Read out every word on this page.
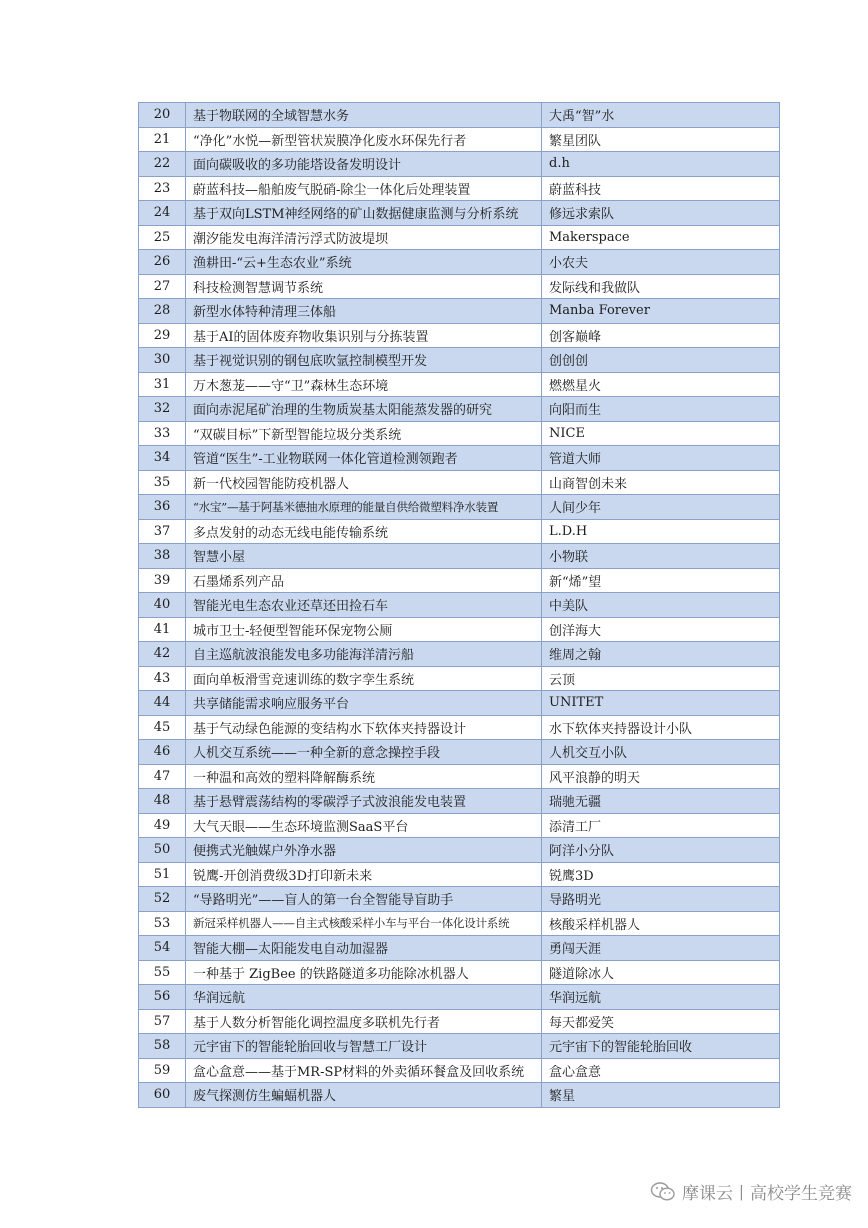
20	基于物联网的全域智慧水务	大禹“智”水
21	“净化”水悦—新型管状炭膜净化废水环保先行者	繁星团队
22	面向碳吸收的多功能塔设备发明设计	d.h
23	蔚蓝科技—船舶废气脱硝-除尘一体化后处理装置	蔚蓝科技
24	基于双向LSTM神经网络的矿山数据健康监测与分析系统	修远求索队
25	潮汐能发电海洋清污浮式防波堤坝	Makerspace
26	渔耕田-“云+生态农业”系统	小农夫
27	科技检测智慧调节系统	发际线和我做队
28	新型水体特种清理三体船	Manba Forever
29	基于AI的固体废弃物收集识别与分拣装置	创客巅峰
30	基于视觉识别的钢包底吹氩控制模型开发	创创创
31	万木葱茏——守“卫”森林生态环境	燃燃星火
32	面向赤泥尾矿治理的生物质炭基太阳能蒸发器的研究	向阳而生
33	“双碳目标”下新型智能垃圾分类系统	NICE
34	管道“医生”-工业物联网一体化管道检测领跑者	管道大师
35	新一代校园智能防疫机器人	山商智创未来
36	“水宝”—基于阿基米德抽水原理的能量自供给微塑料净水装置	人间少年
37	多点发射的动态无线电能传输系统	L.D.H
38	智慧小屋	小物联
39	石墨烯系列产品	新“烯”望
40	智能光电生态农业还草还田捡石车	中美队
41	城市卫士-轻便型智能环保宠物公厕	创洋海大
42	自主巡航波浪能发电多功能海洋清污船	维周之翰
43	面向单板滑雪竞速训练的数字孪生系统	云顶
44	共享储能需求响应服务平台	UNITET
45	基于气动绿色能源的变结构水下软体夹持器设计	水下软体夹持器设计小队
46	人机交互系统——一种全新的意念操控手段	人机交互小队
47	一种温和高效的塑料降解酶系统	风平浪静的明天
48	基于悬臂震荡结构的零碳浮子式波浪能发电装置	瑞驰无疆
49	大气天眼——生态环境监测SaaS平台	添清工厂
50	便携式光触媒户外净水器	阿洋小分队
51	锐鹰-开创消费级3D打印新未来	锐鹰3D
52	“导路明光”——盲人的第一台全智能导盲助手	导路明光
53	新冠采样机器人——自主式核酸采样小车与平台一体化设计系统	核酸采样机器人
54	智能大棚—太阳能发电自动加湿器	勇闯天涯
55	一种基于 ZigBee 的铁路隧道多功能除冰机器人	隧道除冰人
56	华润远航	华润远航
57	基于人数分析智能化调控温度多联机先行者	每天都爱笑
58	元宇宙下的智能轮胎回收与智慧工厂设计	元宇宙下的智能轮胎回收
59	盒心盒意——基于MR-SP材料的外卖循环餐盒及回收系统	盒心盒意
60	废气探测仿生蝙蝠机器人	繁星
摩课云丨高校学生竞赛
